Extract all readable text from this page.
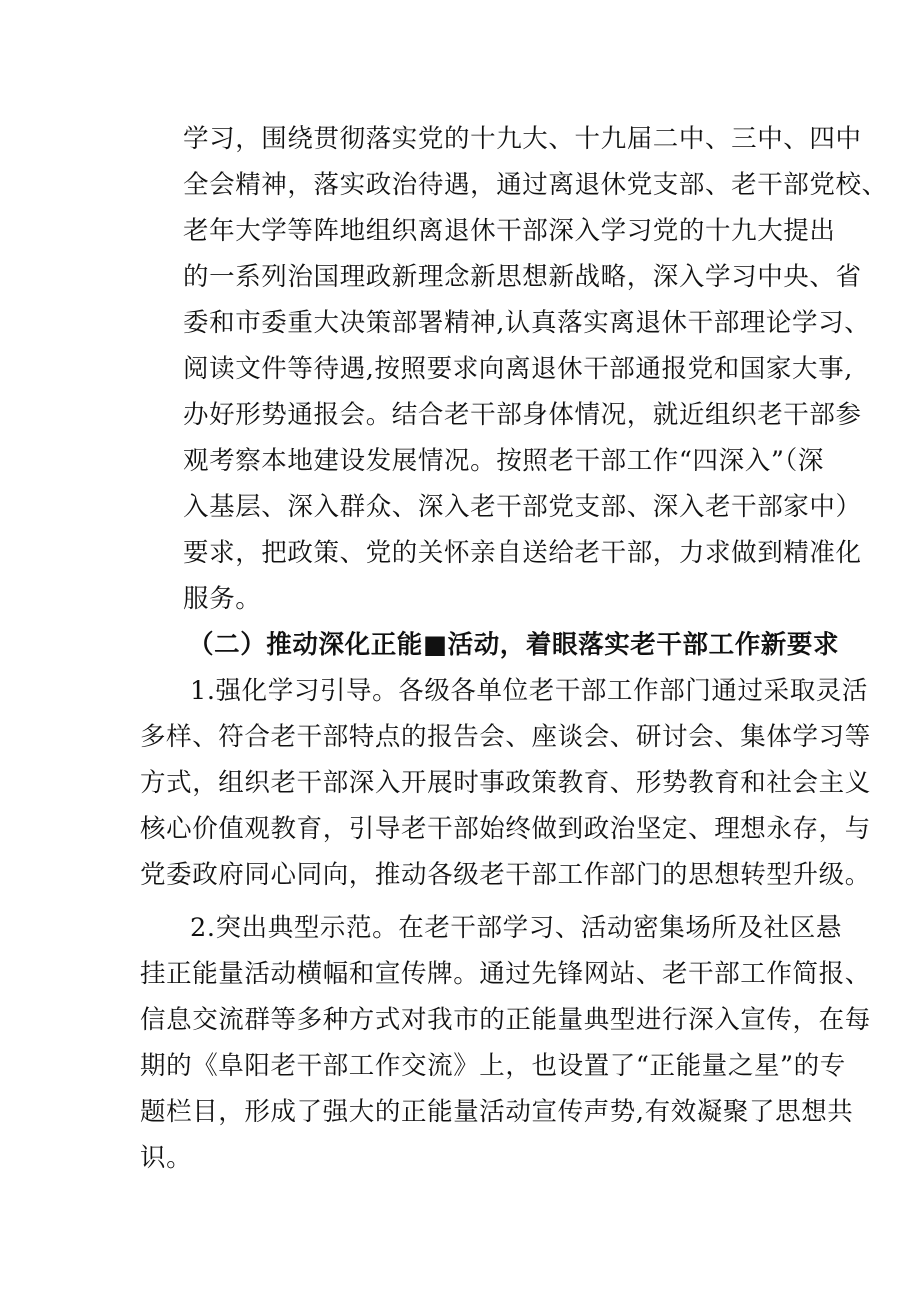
学习，围绕贯彻落实党的十九大、十九届二中、三中、四中
全会精神，落实政治待遇，通过离退休党支部、老干部党校、
老年大学等阵地组织离退休干部深入学习党的十九大提出
的一系列治国理政新理念新思想新战略，深入学习中央、省
委和市委重大决策部署精神,认真落实离退休干部理论学习、
阅读文件等待遇,按照要求向离退休干部通报党和国家大事,
办好形势通报会。结合老干部身体情况，就近组织老干部参
观考察本地建设发展情况。按照老干部工作“四深入”（深
入基层、深入群众、深入老干部党支部、深入老干部家中）
要求，把政策、党的关怀亲自送给老干部，力求做到精准化
服务。
（二）推动深化正能■活动，着眼落实老干部工作新要求
1.强化学习引导。各级各单位老干部工作部门通过采取灵活
多样、符合老干部特点的报告会、座谈会、研讨会、集体学习等
方式，组织老干部深入开展时事政策教育、形势教育和社会主义
核心价值观教育，引导老干部始终做到政治坚定、理想永存，与
党委政府同心同向，推动各级老干部工作部门的思想转型升级。
2.突出典型示范。在老干部学习、活动密集场所及社区悬
挂正能量活动横幅和宣传牌。通过先锋网站、老干部工作简报、
信息交流群等多种方式对我市的正能量典型进行深入宣传，在每
期的《阜阳老干部工作交流》上，也设置了“正能量之星”的专
题栏目，形成了强大的正能量活动宣传声势,有效凝聚了思想共
识。
